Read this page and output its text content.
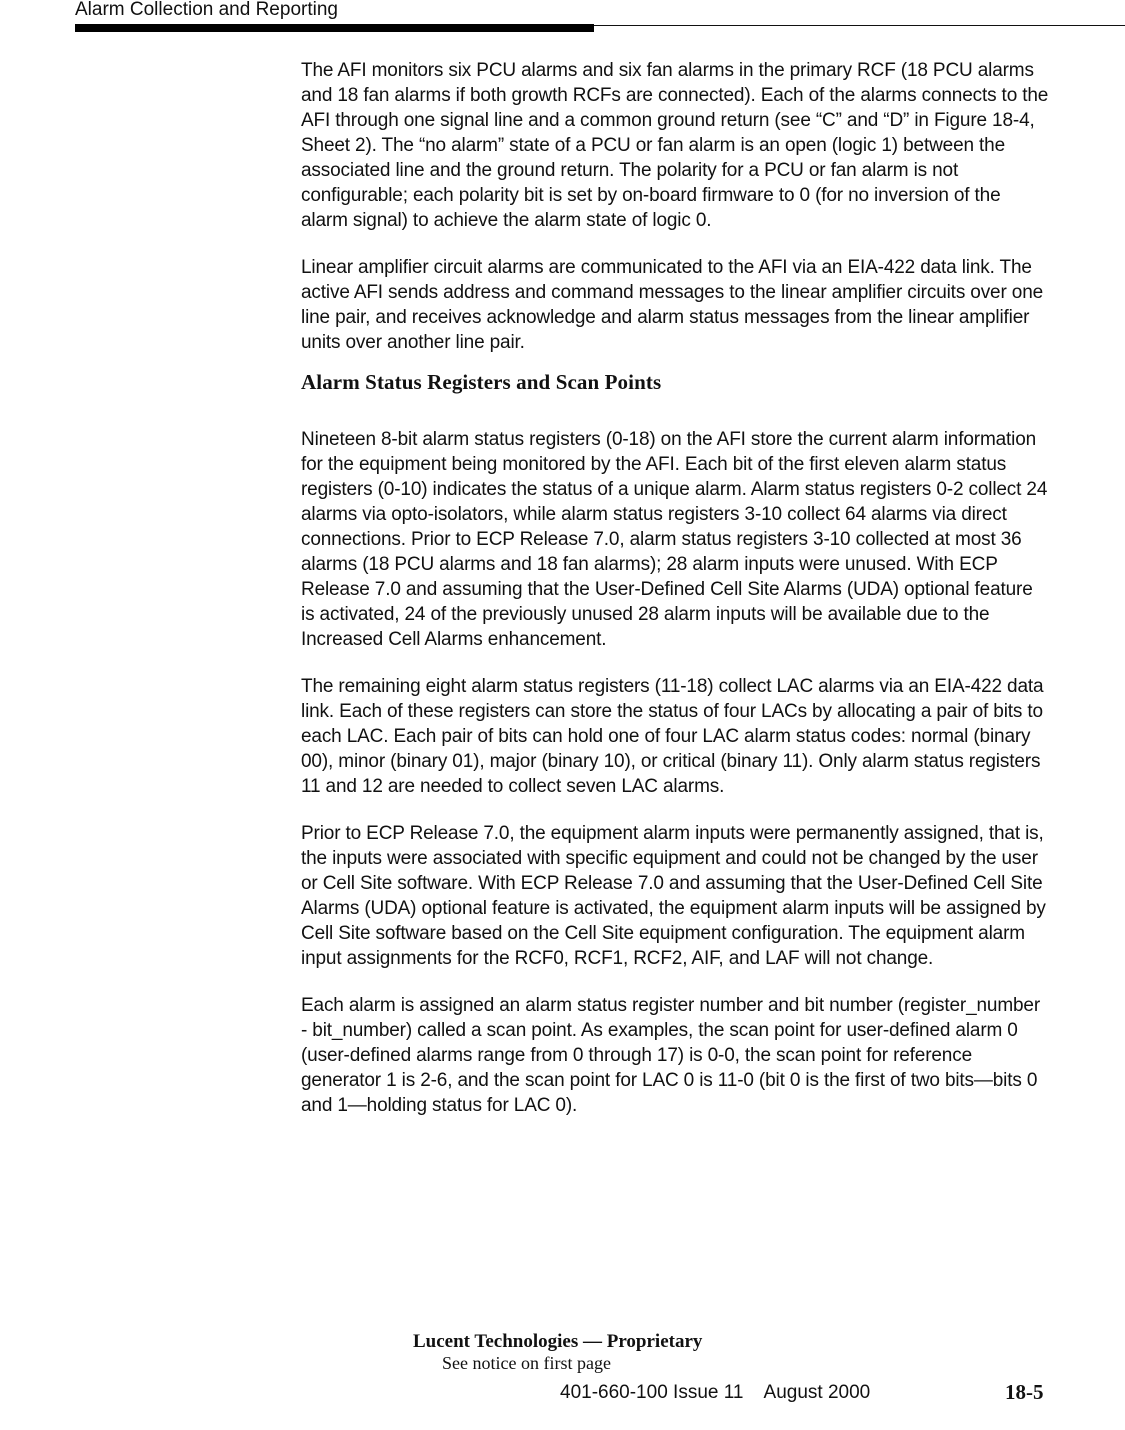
Alarm Collection and Reporting

The AFI monitors six PCU alarms and six fan alarms in the primary RCF (18 PCU alarms and 18 fan alarms if both growth RCFs are connected). Each of the alarms connects to the AFI through one signal line and a common ground return (see “C” and “D” in Figure 18-4, Sheet 2). The “no alarm” state of a PCU or fan alarm is an open (logic 1) between the associated line and the ground return. The polarity for a PCU or fan alarm is not configurable; each polarity bit is set by on-board firmware to 0 (for no inversion of the alarm signal) to achieve the alarm state of logic 0.

Linear amplifier circuit alarms are communicated to the AFI via an EIA-422 data link. The active AFI sends address and command messages to the linear amplifier circuits over one line pair, and receives acknowledge and alarm status messages from the linear amplifier units over another line pair.

Alarm Status Registers and Scan Points

Nineteen 8-bit alarm status registers (0-18) on the AFI store the current alarm information for the equipment being monitored by the AFI. Each bit of the first eleven alarm status registers (0-10) indicates the status of a unique alarm. Alarm status registers 0-2 collect 24 alarms via opto-isolators, while alarm status registers 3-10 collect 64 alarms via direct connections. Prior to ECP Release 7.0, alarm status registers 3-10 collected at most 36 alarms (18 PCU alarms and 18 fan alarms); 28 alarm inputs were unused. With ECP Release 7.0 and assuming that the User-Defined Cell Site Alarms (UDA) optional feature is activated, 24 of the previously unused 28 alarm inputs will be available due to the Increased Cell Alarms enhancement.

The remaining eight alarm status registers (11-18) collect LAC alarms via an EIA-422 data link. Each of these registers can store the status of four LACs by allocating a pair of bits to each LAC. Each pair of bits can hold one of four LAC alarm status codes: normal (binary 00), minor (binary 01), major (binary 10), or critical (binary 11). Only alarm status registers 11 and 12 are needed to collect seven LAC alarms.

Prior to ECP Release 7.0, the equipment alarm inputs were permanently assigned, that is, the inputs were associated with specific equipment and could not be changed by the user or Cell Site software. With ECP Release 7.0 and assuming that the User-Defined Cell Site Alarms (UDA) optional feature is activated, the equipment alarm inputs will be assigned by Cell Site software based on the Cell Site equipment configuration. The equipment alarm input assignments for the RCF0, RCF1, RCF2, AIF, and LAF will not change.

Each alarm is assigned an alarm status register number and bit number (register_number - bit_number) called a scan point. As examples, the scan point for user-defined alarm 0 (user-defined alarms range from 0 through 17) is 0-0, the scan point for reference generator 1 is 2-6, and the scan point for LAC 0 is 11-0 (bit 0 is the first of two bits—bits 0 and 1—holding status for LAC 0).

Lucent Technologies — Proprietary
See notice on first page
401-660-100 Issue 11    August 2000	18-5
